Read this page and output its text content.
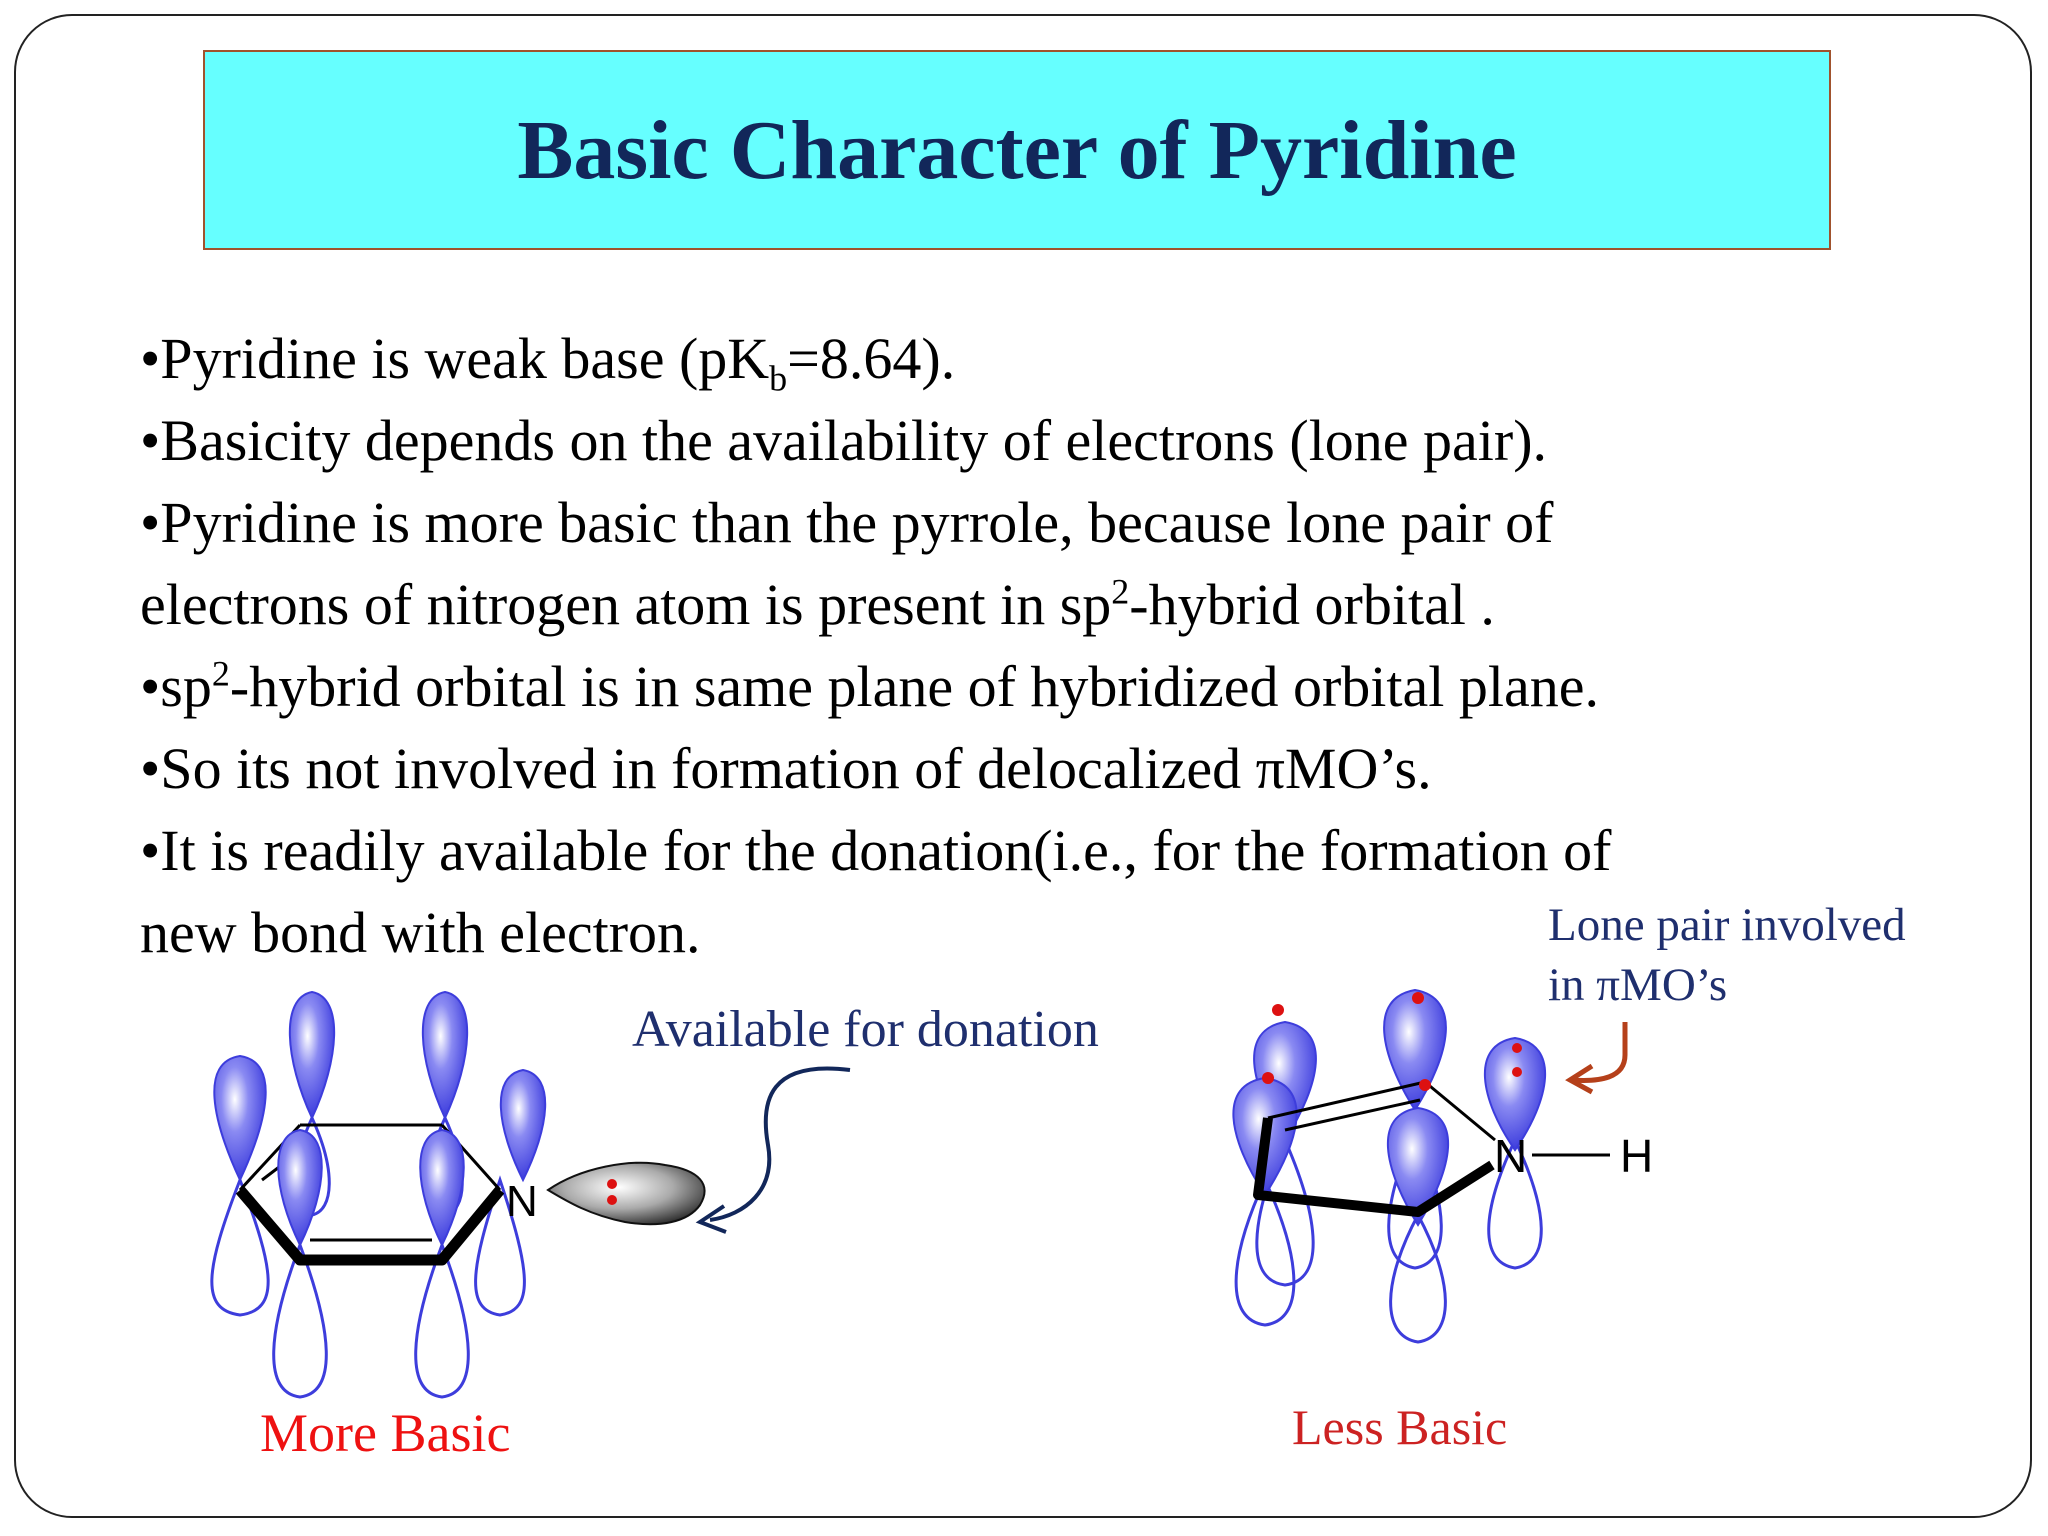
Basic Character of Pyridine
•Pyridine is weak base $(pK_b=8.64)$.
•Basicity depends on the availability of electrons (lone pair).
•Pyridine is more basic than the pyrrole, because lone pair of
electrons of nitrogen atom is present in $sp^2$-hybrid orbital .
$•sp^2$-hybrid orbital is in same plane of hybridized orbital plane.
•So its not involved in formation of delocalized πMO’s.
•It is readily available for the donation(i.e., for the formation of
new bond with electron.
N
N H
Available for donation
Lone pair involved
in πMO’s
More Basic	Less Basic
